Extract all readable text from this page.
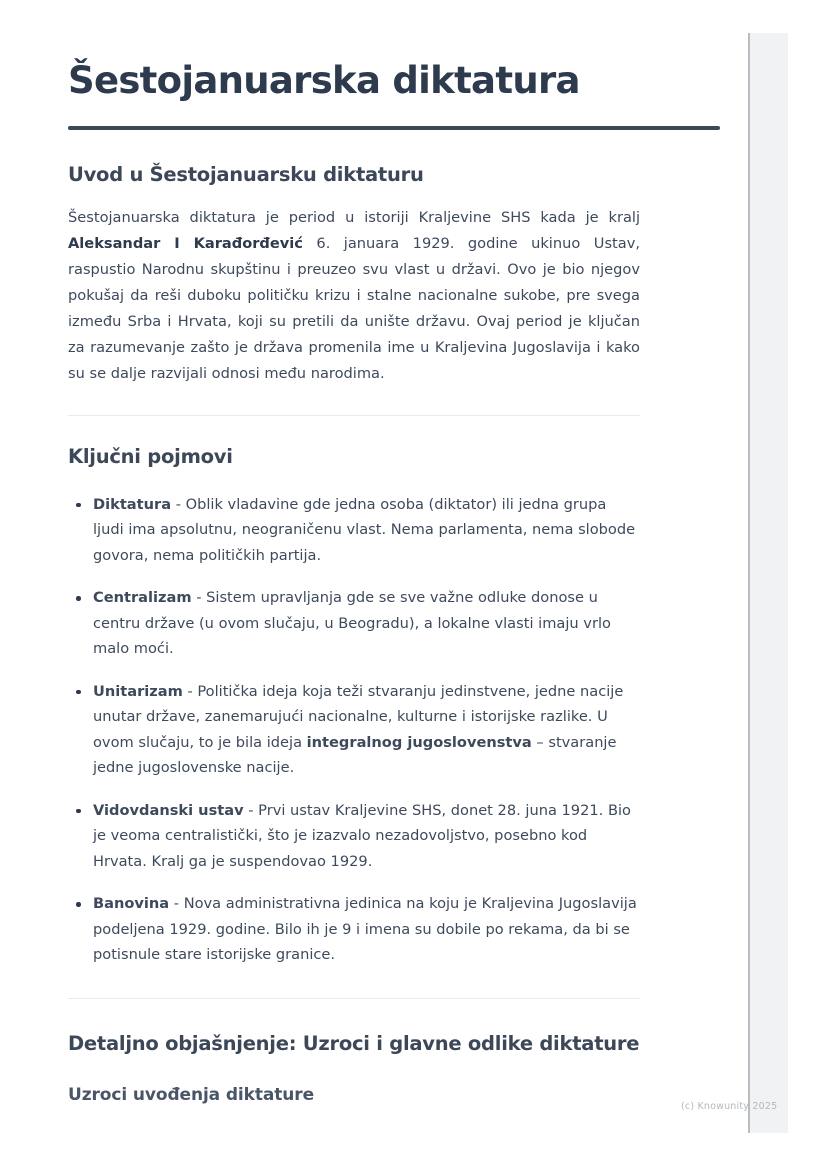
Šestojanuarska diktatura
Uvod u Šestojanuarsku diktaturu

Šestojanuarska diktatura je period u istoriji Kraljevine SHS kada je kralj Aleksandar I Karađorđević 6. januara 1929. godine ukinuo Ustav, raspustio Narodnu skupštinu i preuzeo svu vlast u državi. Ovo je bio njegov pokušaj da reši duboku političku krizu i stalne nacionalne sukobe, pre svega između Srba i Hrvata, koji su pretili da unište državu. Ovaj period je ključan za razumevanje zašto je država promenila ime u Kraljevina Jugoslavija i kako su se dalje razvijali odnosi među narodima.

Ključni pojmovi
Diktatura - Oblik vladavine gde jedna osoba (diktator) ili jedna grupa ljudi ima apsolutnu, neograničenu vlast. Nema parlamenta, nema slobode govora, nema političkih partija.
Centralizam - Sistem upravljanja gde se sve važne odluke donose u centru države (u ovom slučaju, u Beogradu), a lokalne vlasti imaju vrlo malo moći.
Unitarizam - Politička ideja koja teži stvaranju jedinstvene, jedne nacije unutar države, zanemarujući nacionalne, kulturne i istorijske razlike. U ovom slučaju, to je bila ideja integralnog jugoslovenstva – stvaranje jedne jugoslovenske nacije.
Vidovdanski ustav - Prvi ustav Kraljevine SHS, donet 28. juna 1921. Bio je veoma centralistički, što je izazvalo nezadovoljstvo, posebno kod Hrvata. Kralj ga je suspendovao 1929.
Banovina - Nova administrativna jedinica na koju je Kraljevina Jugoslavija podeljena 1929. godine. Bilo ih je 9 i imena su dobile po rekama, da bi se potisnule stare istorijske granice.
Detaljno objašnjenje: Uzroci i glavne odlike diktature
Uzroci uvođenja diktature
(c) Knowunity 2025
